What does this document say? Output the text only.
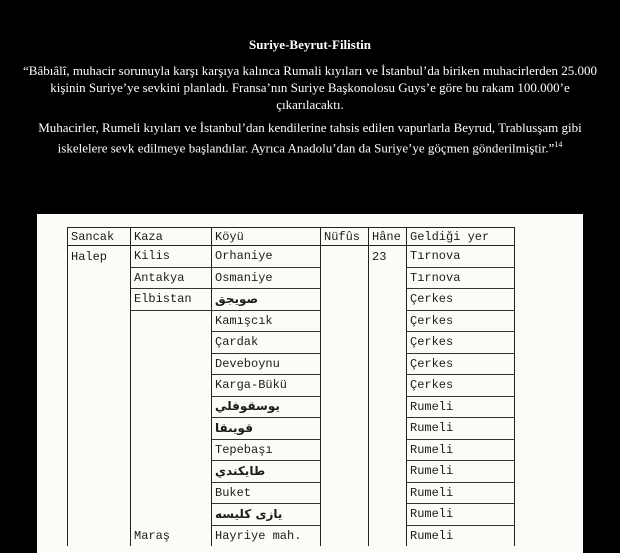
Suriye-Beyrut-Filistin

“Bâbıâlî, muhacir sorunuyla karşı karşıya kalınca Rumali kıyıları ve İstanbul’da biriken muhacirlerden 25.000 kişinin Suriye’ye sevkini planladı. Fransa’nın Suriye Başkonolosu Guys’e göre bu rakam 100.000’e çıkarılacaktı.

Muhacirler, Rumeli kıyıları ve İstanbul’dan kendilerine tahsis edilen vapurlarla Beyrud, Trablusşam gibi iskelelere sevk edilmeye başlandılar. Ayrıca Anadolu’dan da Suriye’ye göçmen gönderilmiştir.”$^{14}$

Sancak	Kaza	Köyü	Nüfûs	Hâne	Geldiği yer
Halep	Kilis	Orhaniye		23	Tırnova
	Antakya	Osmaniye			Tırnova
	Elbistan	صويجق			Çerkes
		Kamışcık			Çerkes
		Çardak			Çerkes
		Deveboynu			Çerkes
		Karga-Bükü			Çerkes
		يوسقوفلي			Rumeli
		قويىقا			Rumeli
		Tepebaşı			Rumeli
		طايكندي			Rumeli
		Buket			Rumeli
		يازى كليسه			Rumeli
	Maraş	Hayriye mah.			Rumeli
